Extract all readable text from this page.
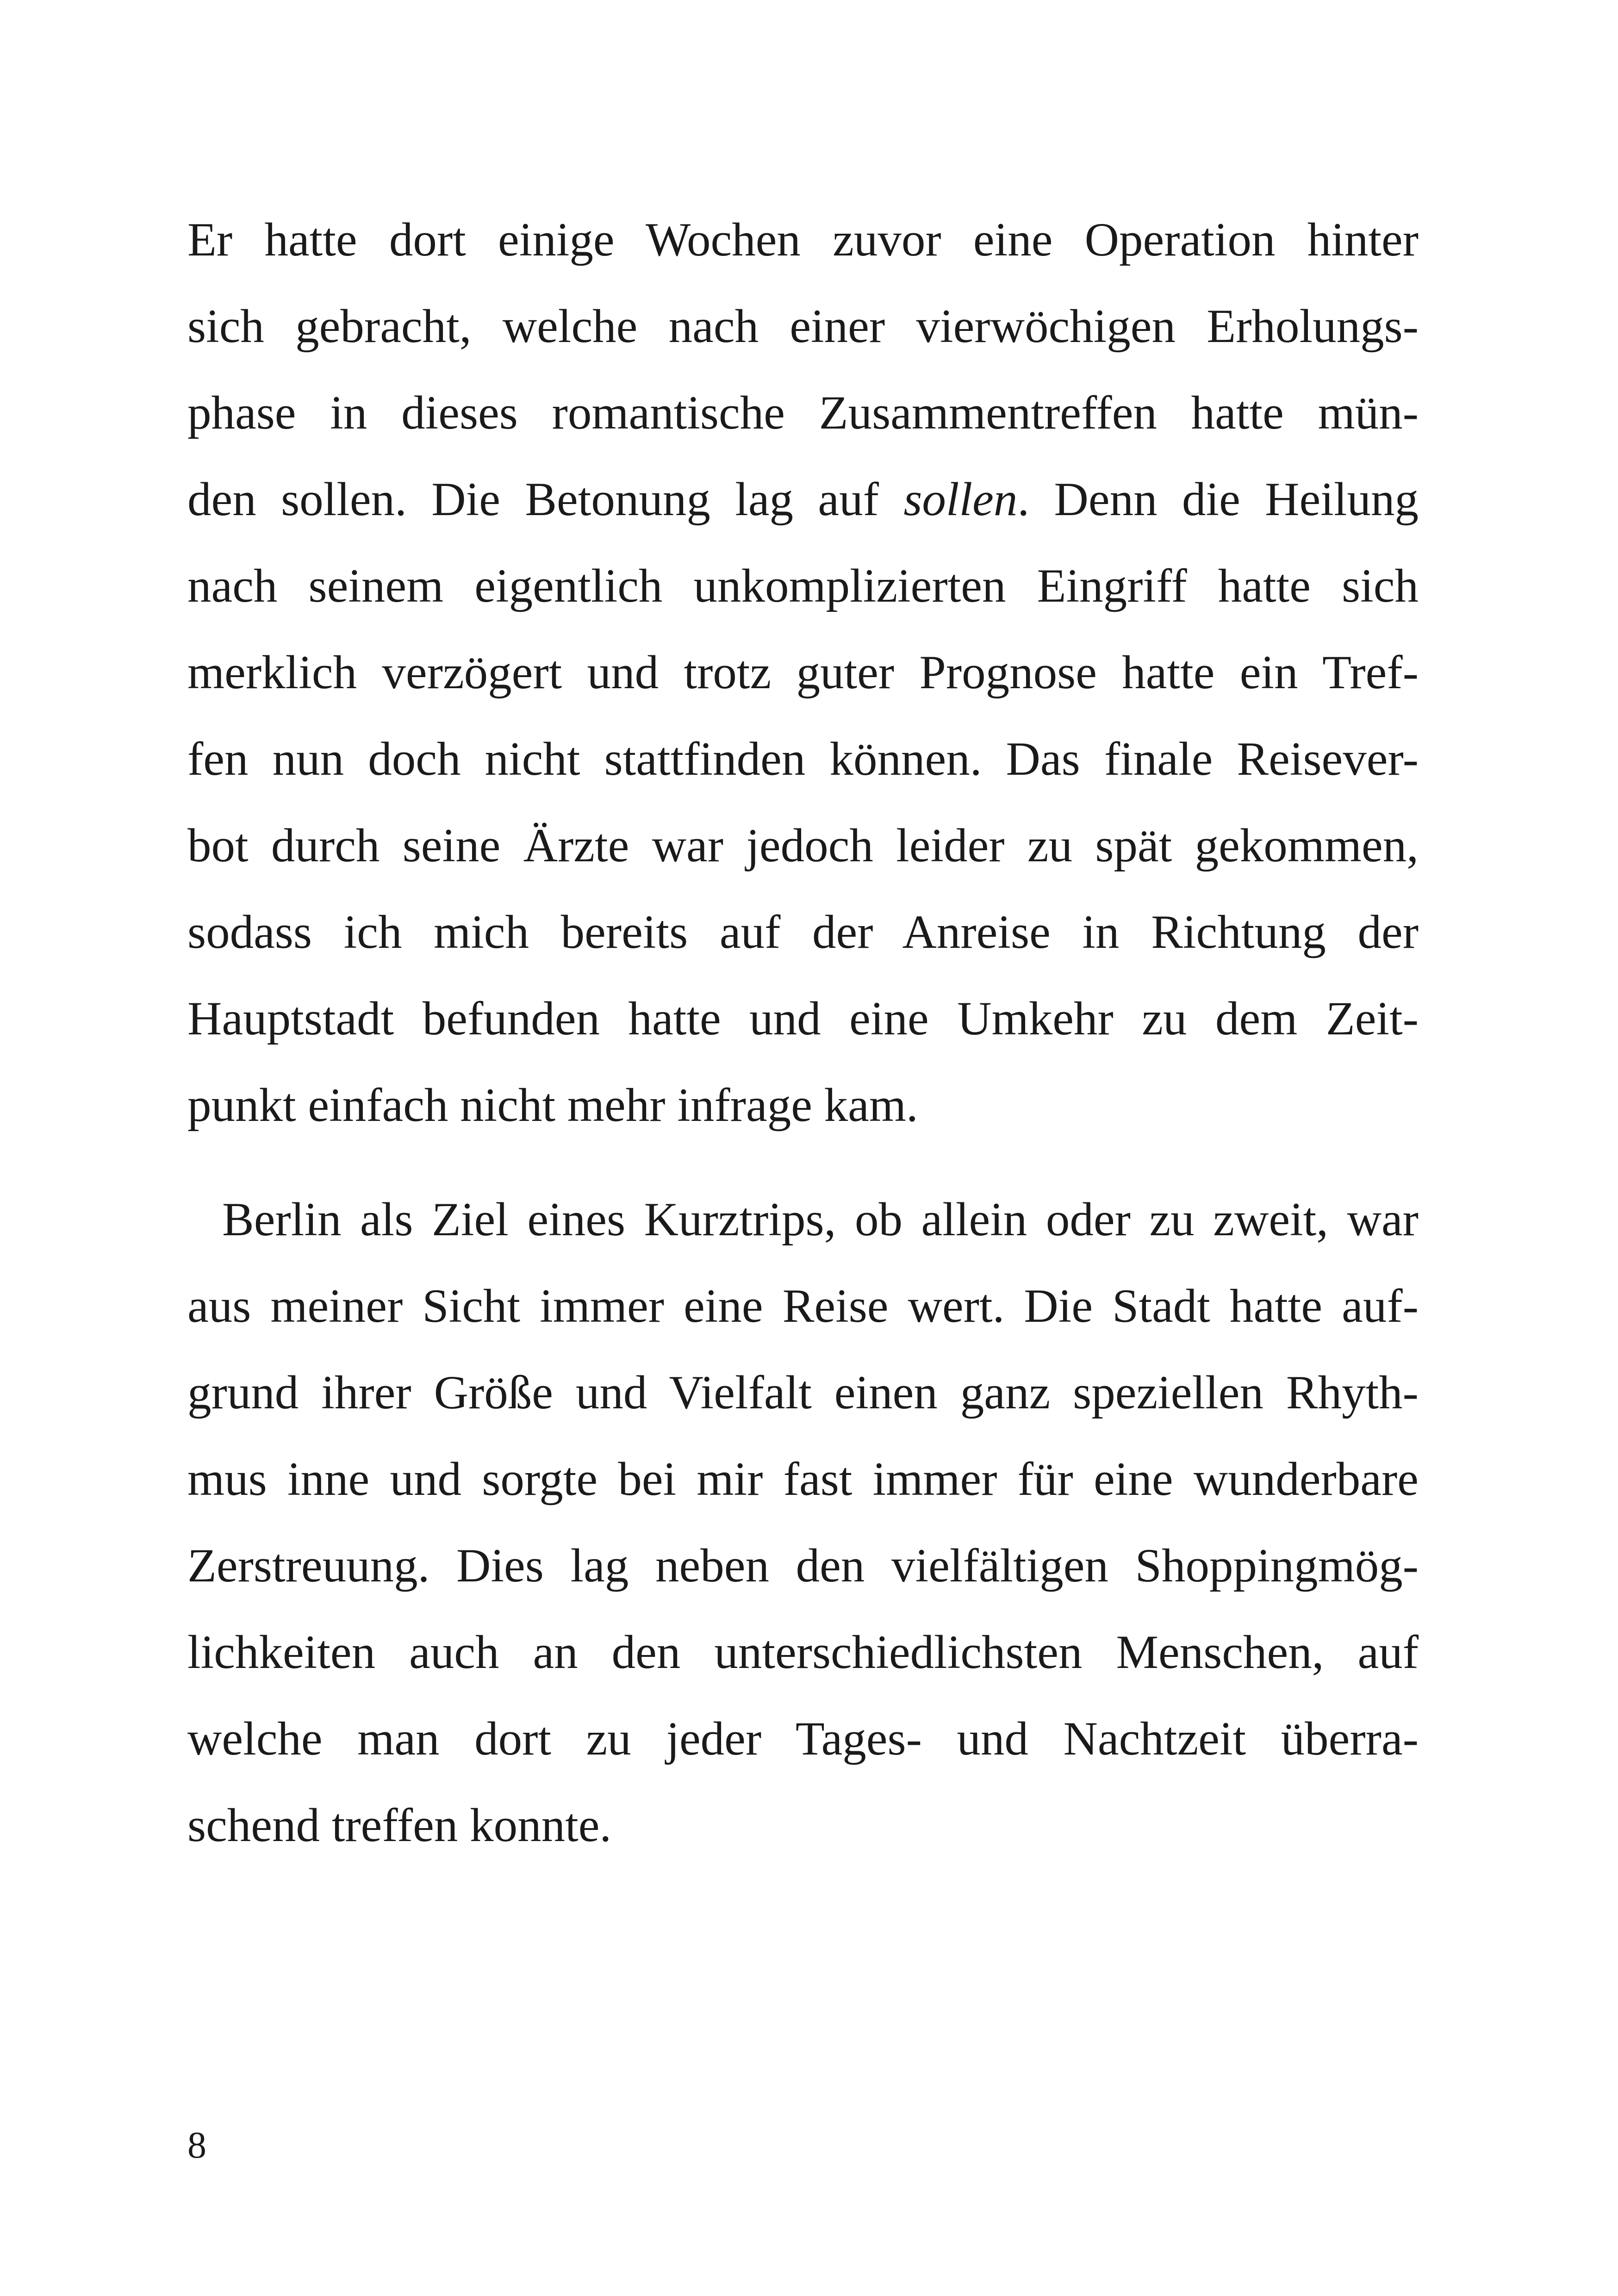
Er hatte dort einige Wochen zuvor eine Operation hinter
sich gebracht, welche nach einer vierwöchigen Erholungs-
phase in dieses romantische Zusammentreffen hatte mün-
den sollen. Die Betonung lag auf sollen. Denn die Heilung
nach seinem eigentlich unkomplizierten Eingriff hatte sich
merklich verzögert und trotz guter Prognose hatte ein Tref-
fen nun doch nicht stattfinden können. Das finale Reisever-
bot durch seine Ärzte war jedoch leider zu spät gekommen,
sodass ich mich bereits auf der Anreise in Richtung der
Hauptstadt befunden hatte und eine Umkehr zu dem Zeit-
punkt einfach nicht mehr infrage kam.
Berlin als Ziel eines Kurztrips, ob allein oder zu zweit, war
aus meiner Sicht immer eine Reise wert. Die Stadt hatte auf-
grund ihrer Größe und Vielfalt einen ganz speziellen Rhyth-
mus inne und sorgte bei mir fast immer für eine wunderbare
Zerstreuung. Dies lag neben den vielfältigen Shoppingmög-
lichkeiten auch an den unterschiedlichsten Menschen, auf
welche man dort zu jeder Tages- und Nachtzeit überra-
schend treffen konnte.
8
